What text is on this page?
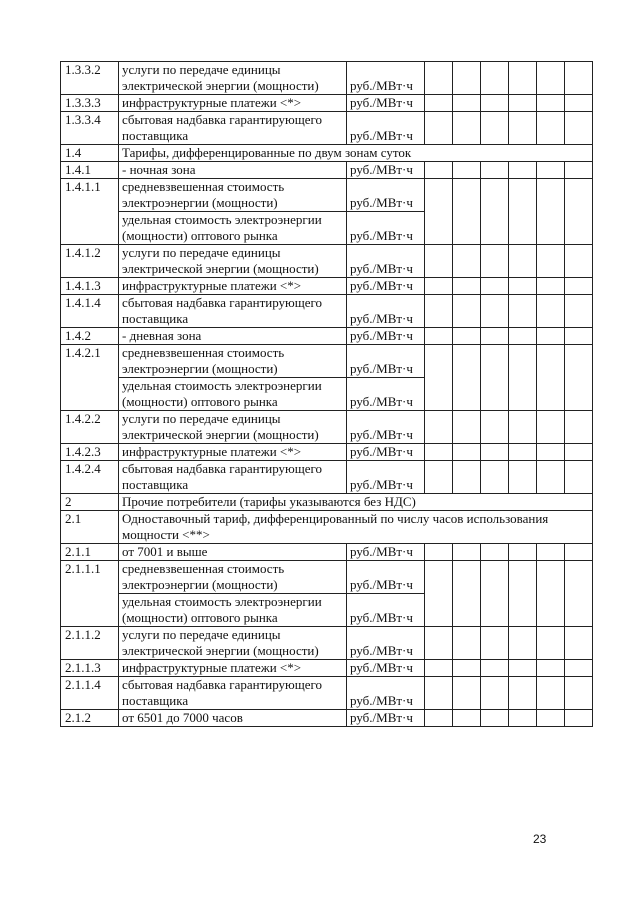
1.3.3.2	услуги по передаче единицы электрической энергии (мощности)	руб./МВт·ч						
1.3.3.3	инфраструктурные платежи <*>	руб./МВт·ч						
1.3.3.4	сбытовая надбавка гарантирующего поставщика	руб./МВт·ч						
1.4	Тарифы, дифференцированные по двум зонам суток							
1.4.1	- ночная зона	руб./МВт·ч						
1.4.1.1	средневзвешенная стоимость электроэнергии (мощности)	руб./МВт·ч						
	удельная стоимость электроэнергии (мощности) оптового рынка	руб./МВт·ч						
1.4.1.2	услуги по передаче единицы электрической энергии (мощности)	руб./МВт·ч						
1.4.1.3	инфраструктурные платежи <*>	руб./МВт·ч						
1.4.1.4	сбытовая надбавка гарантирующего поставщика	руб./МВт·ч						
1.4.2	- дневная зона	руб./МВт·ч						
1.4.2.1	средневзвешенная стоимость электроэнергии (мощности)	руб./МВт·ч						
	удельная стоимость электроэнергии (мощности) оптового рынка	руб./МВт·ч						
1.4.2.2	услуги по передаче единицы электрической энергии (мощности)	руб./МВт·ч						
1.4.2.3	инфраструктурные платежи <*>	руб./МВт·ч						
1.4.2.4	сбытовая надбавка гарантирующего поставщика	руб./МВт·ч						
2	Прочие потребители (тарифы указываются без НДС)							
2.1	Одноставочный тариф, дифференцированный по числу часов использования мощности <**>							
2.1.1	от 7001 и выше	руб./МВт·ч						
2.1.1.1	средневзвешенная стоимость электроэнергии (мощности)	руб./МВт·ч						
	удельная стоимость электроэнергии (мощности) оптового рынка	руб./МВт·ч						
2.1.1.2	услуги по передаче единицы электрической энергии (мощности)	руб./МВт·ч						
2.1.1.3	инфраструктурные платежи <*>	руб./МВт·ч						
2.1.1.4	сбытовая надбавка гарантирующего поставщика	руб./МВт·ч						
2.1.2	от 6501 до 7000 часов	руб./МВт·ч						
23
